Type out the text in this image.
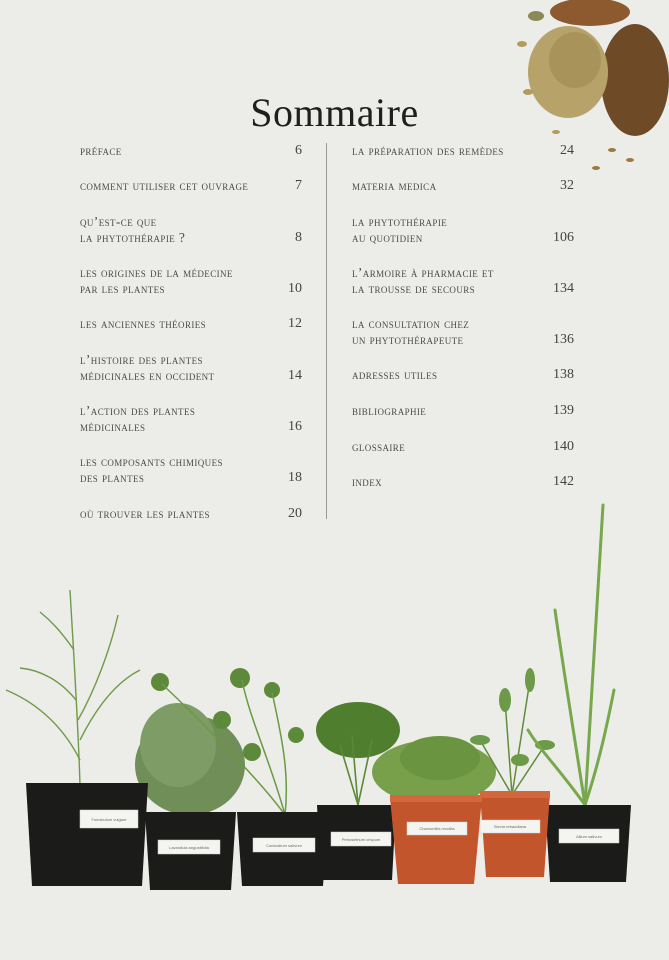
Foeniculum vulgare
Lavandula angustifolia	Coriandrum sativum
Petroselinum crispum
Chamomilla recutita	Stevia rebaudiana
Allium sativum
Sommaire
préface	6
comment utiliser cet ouvrage	7
qu’est-ce que
la phytothérapie ?	8
les origines de la médecine
par les plantes	10
les anciennes théories	12
l’histoire des plantes
médicinales en occident	14
l’action des plantes
médicinales	16
les composants chimiques
des plantes	18
où trouver les plantes	20
la préparation des remèdes	24
materia medica	32
la phytothérapie
au quotidien	106
l’armoire à pharmacie et
la trousse de secours	134
la consultation chez
un phytothérapeute	136
adresses utiles	138
bibliographie	139
glossaire	140
index	142
